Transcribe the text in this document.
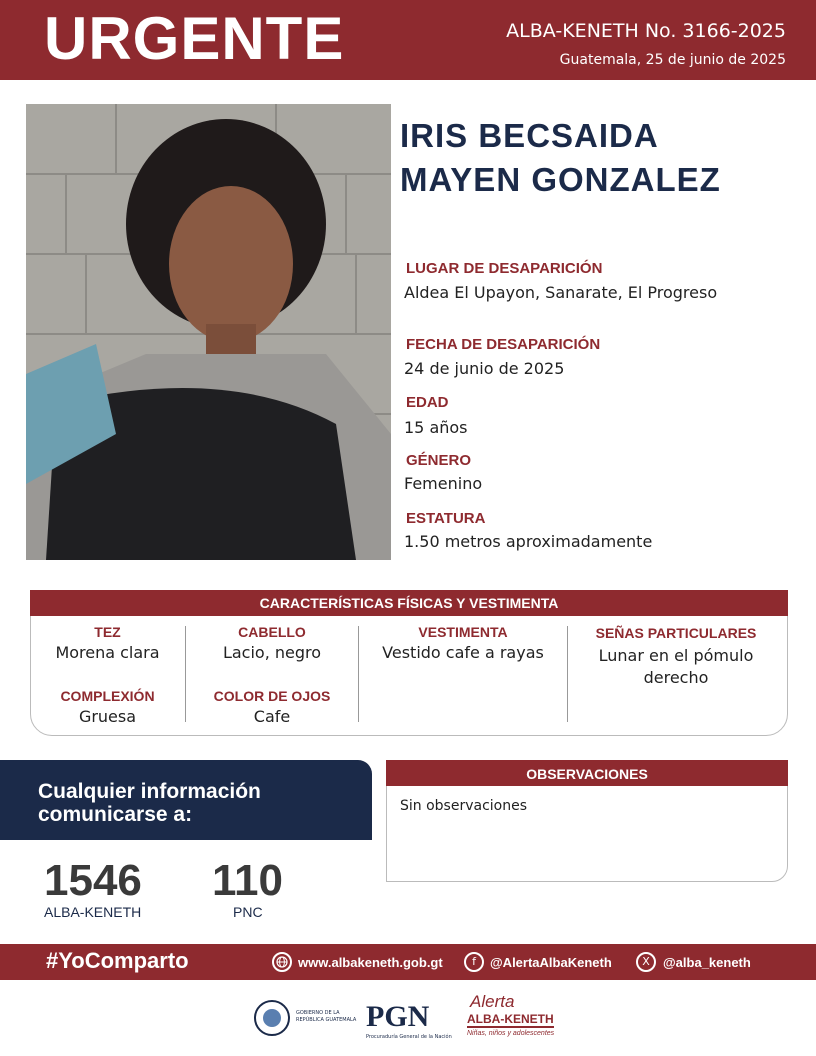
URGENTE	ALBA-KENETH No. 3166-2025
Guatemala, 25 de junio de 2025
IRIS BECSAIDA
MAYEN GONZALEZ
LUGAR DE DESAPARICIÓN
Aldea El Upayon, Sanarate, El Progreso
FECHA DE DESAPARICIÓN
24 de junio de 2025
EDAD
15 años
GÉNERO
Femenino
ESTATURA
1.50 metros aproximadamente
CARACTERÍSTICAS FÍSICAS Y VESTIMENTA
TEZ
Morena clara
COMPLEXIÓN
Gruesa
CABELLO
Lacio, negro
COLOR DE OJOS
Cafe
VESTIMENTA
Vestido cafe a rayas
SEÑAS PARTICULARES
Lunar en el pómulo
derecho
Cualquier información
comunicarse a:
1546
ALBA-KENETH
110
PNC
OBSERVACIONES
Sin observaciones
#YoComparto	www.albakeneth.gob.gt	f	@AlertaAlbaKeneth	X	@alba_keneth
GOBIERNO DE LA REPÚBLICA GUATEMALA PGN
Procuraduría General de la Nación
Alerta
ALBA-KENETH
Niñas, niños y adolescentes
